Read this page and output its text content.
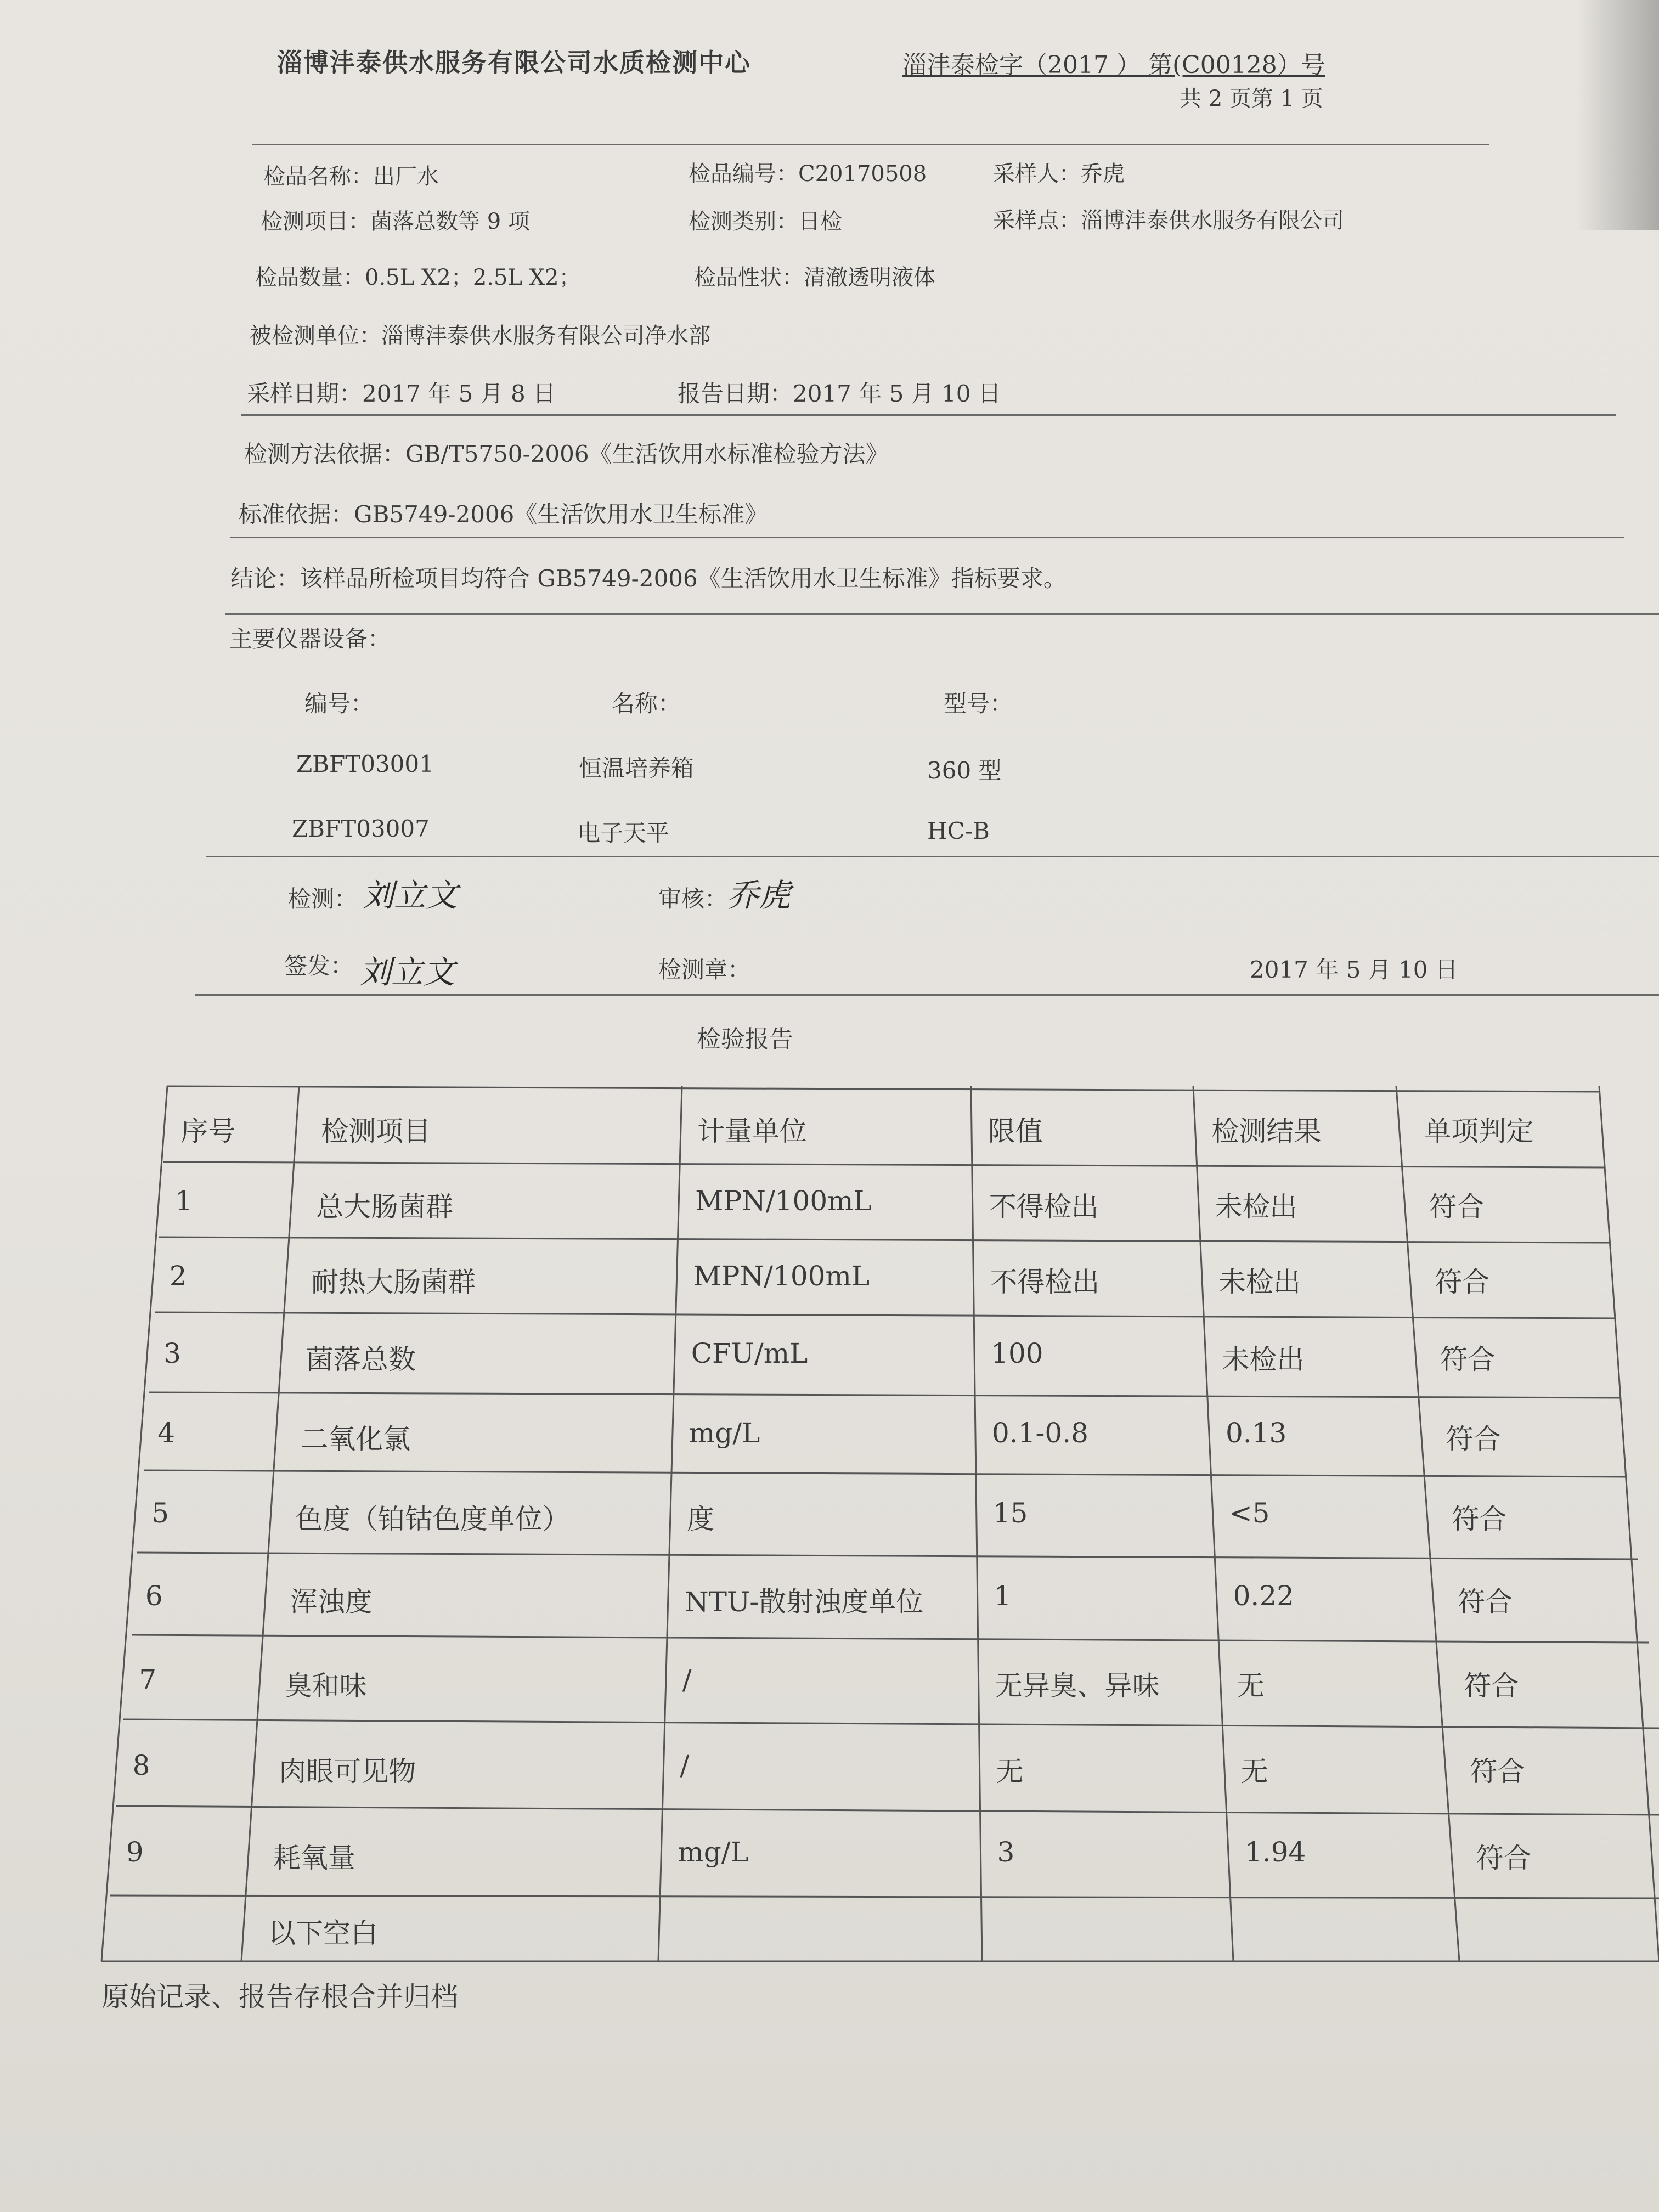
淄博沣泰供水服务有限公司水质检测中心	淄沣泰检字（2017 ） 第(C00128）号
共 2 页第 1 页
检品名称：出厂水	检品编号：C20170508	采样人：乔虎
检测项目：菌落总数等 9 项	检测类别：日检	采样点：淄博沣泰供水服务有限公司
检品数量：0.5L X2；2.5L X2；	检品性状：清澈透明液体
被检测单位：淄博沣泰供水服务有限公司净水部
采样日期：2017 年 5 月 8 日	报告日期：2017 年 5 月 10 日
检测方法依据：GB/T5750-2006《生活饮用水标准检验方法》
标准依据：GB5749-2006《生活饮用水卫生标准》
结论：该样品所检项目均符合 GB5749-2006《生活饮用水卫生标准》指标要求。
主要仪器设备：
编号：	名称：	型号：
ZBFT03001	恒温培养箱	360 型
ZBFT03007	电子天平	HC-B
检测： 刘立文	审核：
乔虎
签发： 刘立文	检测章：	2017 年 5 月 10 日
检验报告
序号	检测项目	计量单位	限值	检测结果	单项判定
1	总大肠菌群	MPN/100mL	不得检出	未检出	符合
2	耐热大肠菌群	MPN/100mL	不得检出	未检出	符合
3	菌落总数	CFU/mL	100	未检出	符合
4	二氧化氯	mg/L	0.1-0.8	0.13	符合
5	色度（铂钴色度单位）	度	15	<5	符合
6	浑浊度	NTU-散射浊度单位	1	0.22	符合
7	臭和味	/	无异臭、异味	无	符合
8	肉眼可见物	/	无	无	符合
9	耗氧量	mg/L	3	1.94	符合
以下空白
原始记录、报告存根合并归档
